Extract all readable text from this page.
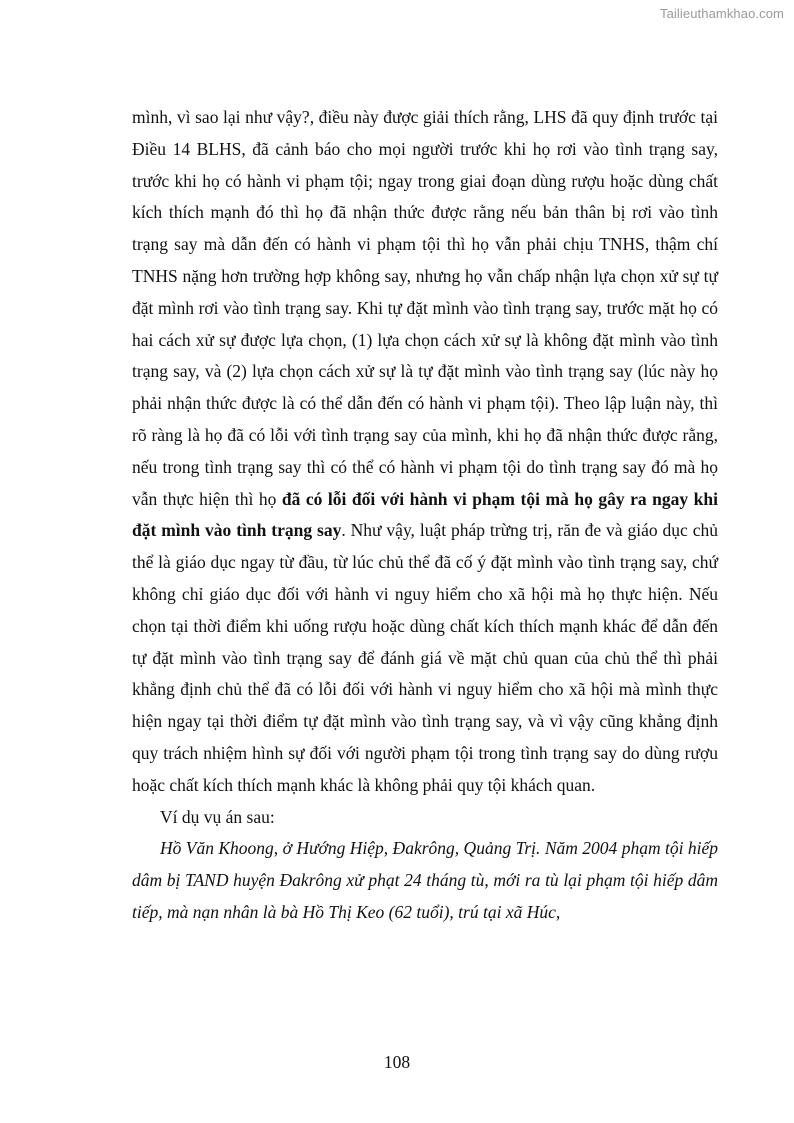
Tailieuthamkhao.com

mình, vì sao lại như vậy?, điều này được giải thích rằng, LHS đã quy định trước tại Điều 14 BLHS, đã cảnh báo cho mọi người trước khi họ rơi vào tình trạng say, trước khi họ có hành vi phạm tội; ngay trong giai đoạn dùng rượu hoặc dùng chất kích thích mạnh đó thì họ đã nhận thức được rằng nếu bản thân bị rơi vào tình trạng say mà dẫn đến có hành vi phạm tội thì họ vẫn phải chịu TNHS, thậm chí TNHS nặng hơn trường hợp không say, nhưng họ vẫn chấp nhận lựa chọn xử sự tự đặt mình rơi vào tình trạng say. Khi tự đặt mình vào tình trạng say, trước mặt họ có hai cách xử sự được lựa chọn, (1) lựa chọn cách xử sự là không đặt mình vào tình trạng say, và (2) lựa chọn cách xử sự là tự đặt mình vào tình trạng say (lúc này họ phải nhận thức được là có thể dẫn đến có hành vi phạm tội). Theo lập luận này, thì rõ ràng là họ đã có lỗi với tình trạng say của mình, khi họ đã nhận thức được rằng, nếu trong tình trạng say thì có thể có hành vi phạm tội do tình trạng say đó mà họ vẫn thực hiện thì họ đã có lỗi đối với hành vi phạm tội mà họ gây ra ngay khi đặt mình vào tình trạng say. Như vậy, luật pháp trừng trị, răn đe và giáo dục chủ thể là giáo dục ngay từ đầu, từ lúc chủ thể đã cố ý đặt mình vào tình trạng say, chứ không chỉ giáo dục đối với hành vi nguy hiểm cho xã hội mà họ thực hiện. Nếu chọn tại thời điểm khi uống rượu hoặc dùng chất kích thích mạnh khác để dẫn đến tự đặt mình vào tình trạng say để đánh giá về mặt chủ quan của chủ thể thì phải khẳng định chủ thể đã có lỗi đối với hành vi nguy hiểm cho xã hội mà mình thực hiện ngay tại thời điểm tự đặt mình vào tình trạng say, và vì vậy cũng khẳng định quy trách nhiệm hình sự đối với người phạm tội trong tình trạng say do dùng rượu hoặc chất kích thích mạnh khác là không phải quy tội khách quan.

Ví dụ vụ án sau:

Hồ Văn Khoong, ở Hướng Hiệp, Đakrông, Quảng Trị. Năm 2004 phạm tội hiếp dâm bị TAND huyện Đakrông xử phạt 24 tháng tù, mới ra tù lại phạm tội hiếp dâm tiếp, mà nạn nhân là bà Hồ Thị Keo (62 tuổi), trú tại xã Húc,

108
